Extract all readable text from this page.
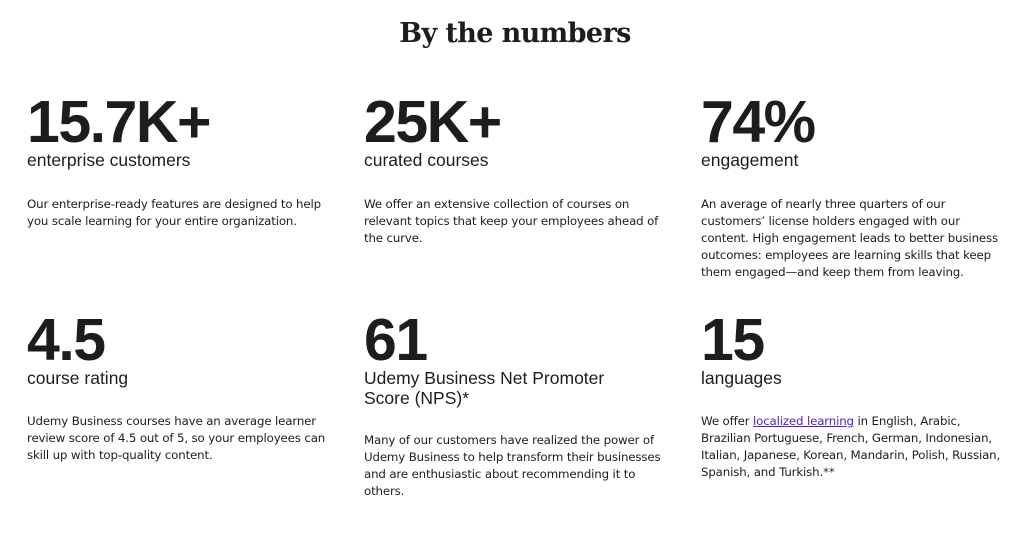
By the numbers
15.7K+
enterprise customers
Our enterprise-ready features are designed to help you scale learning for your entire organization.
25K+
curated courses
We offer an extensive collection of courses on relevant topics that keep your employees ahead of the curve.
74%
engagement
An average of nearly three quarters of our customers’ license holders engaged with our content. High engagement leads to better business outcomes: employees are learning skills that keep them engaged—and keep them from leaving.
4.5
course rating
Udemy Business courses have an average learner review score of 4.5 out of 5, so your employees can skill up with top-quality content.
61
Udemy Business Net Promoter Score (NPS)*
Many of our customers have realized the power of Udemy Business to help transform their businesses and are enthusiastic about recommending it to others.
15
languages
We offer localized learning in English, Arabic, Brazilian Portuguese, French, German, Indonesian, Italian, Japanese, Korean, Mandarin, Polish, Russian, Spanish, and Turkish.**
